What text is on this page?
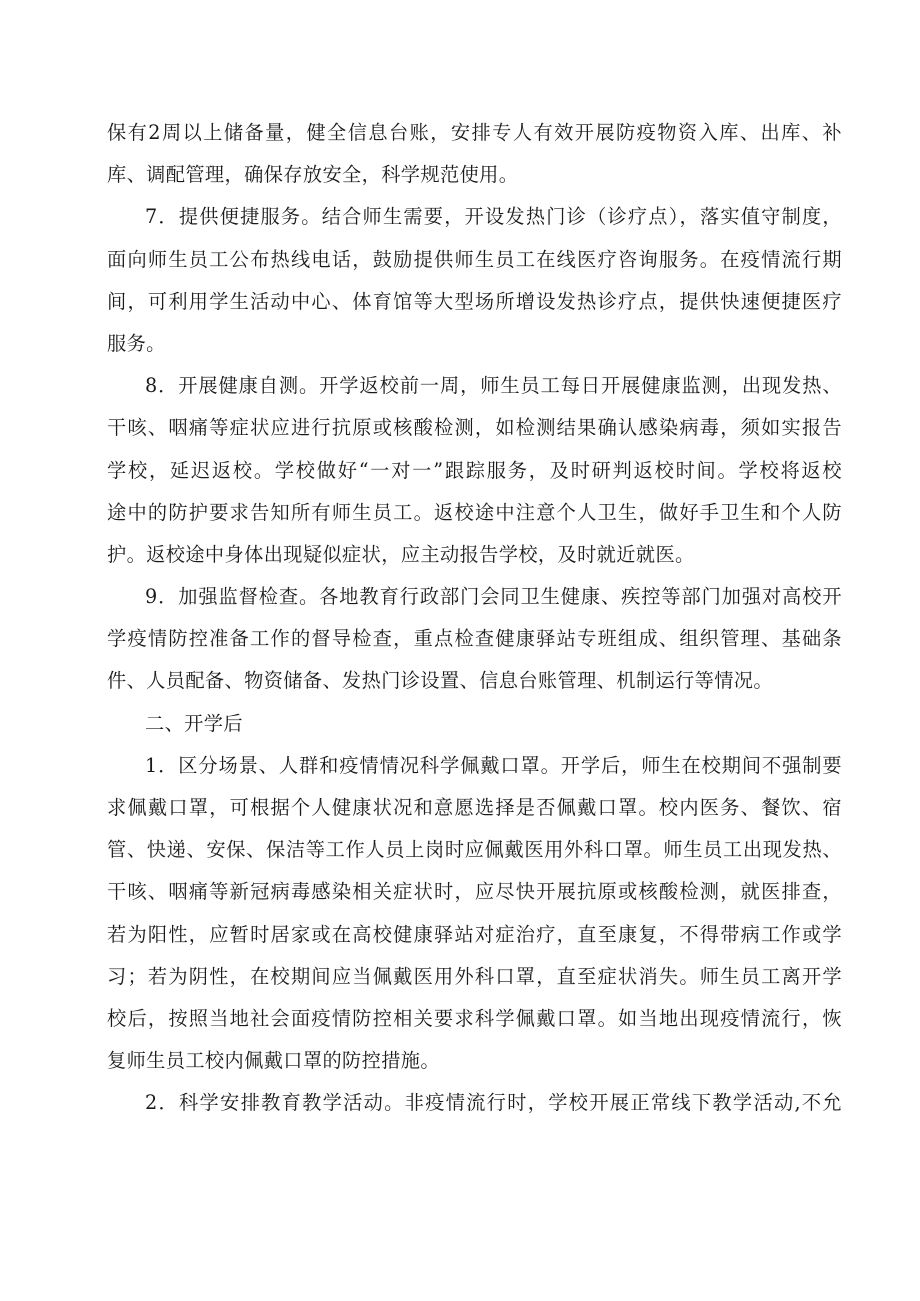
保有2周以上储备量，健全信息台账，安排专人有效开展防疫物资入库、出库、补
库、调配管理，确保存放安全，科学规范使用。
7．提供便捷服务。结合师生需要，开设发热门诊（诊疗点），落实值守制度，
面向师生员工公布热线电话，鼓励提供师生员工在线医疗咨询服务。在疫情流行期
间，可利用学生活动中心、体育馆等大型场所增设发热诊疗点，提供快速便捷医疗
服务。
8．开展健康自测。开学返校前一周，师生员工每日开展健康监测，出现发热、
干咳、咽痛等症状应进行抗原或核酸检测，如检测结果确认感染病毒，须如实报告
学校，延迟返校。学校做好“一对一”跟踪服务，及时研判返校时间。学校将返校
途中的防护要求告知所有师生员工。返校途中注意个人卫生，做好手卫生和个人防
护。返校途中身体出现疑似症状，应主动报告学校，及时就近就医。
9．加强监督检查。各地教育行政部门会同卫生健康、疾控等部门加强对高校开
学疫情防控准备工作的督导检查，重点检查健康驿站专班组成、组织管理、基础条
件、人员配备、物资储备、发热门诊设置、信息台账管理、机制运行等情况。
二、开学后
1．区分场景、人群和疫情情况科学佩戴口罩。开学后，师生在校期间不强制要
求佩戴口罩，可根据个人健康状况和意愿选择是否佩戴口罩。校内医务、餐饮、宿
管、快递、安保、保洁等工作人员上岗时应佩戴医用外科口罩。师生员工出现发热、
干咳、咽痛等新冠病毒感染相关症状时，应尽快开展抗原或核酸检测，就医排查，
若为阳性，应暂时居家或在高校健康驿站对症治疗，直至康复，不得带病工作或学
习；若为阴性，在校期间应当佩戴医用外科口罩，直至症状消失。师生员工离开学
校后，按照当地社会面疫情防控相关要求科学佩戴口罩。如当地出现疫情流行，恢
复师生员工校内佩戴口罩的防控措施。
2．科学安排教育教学活动。非疫情流行时，学校开展正常线下教学活动,不允
